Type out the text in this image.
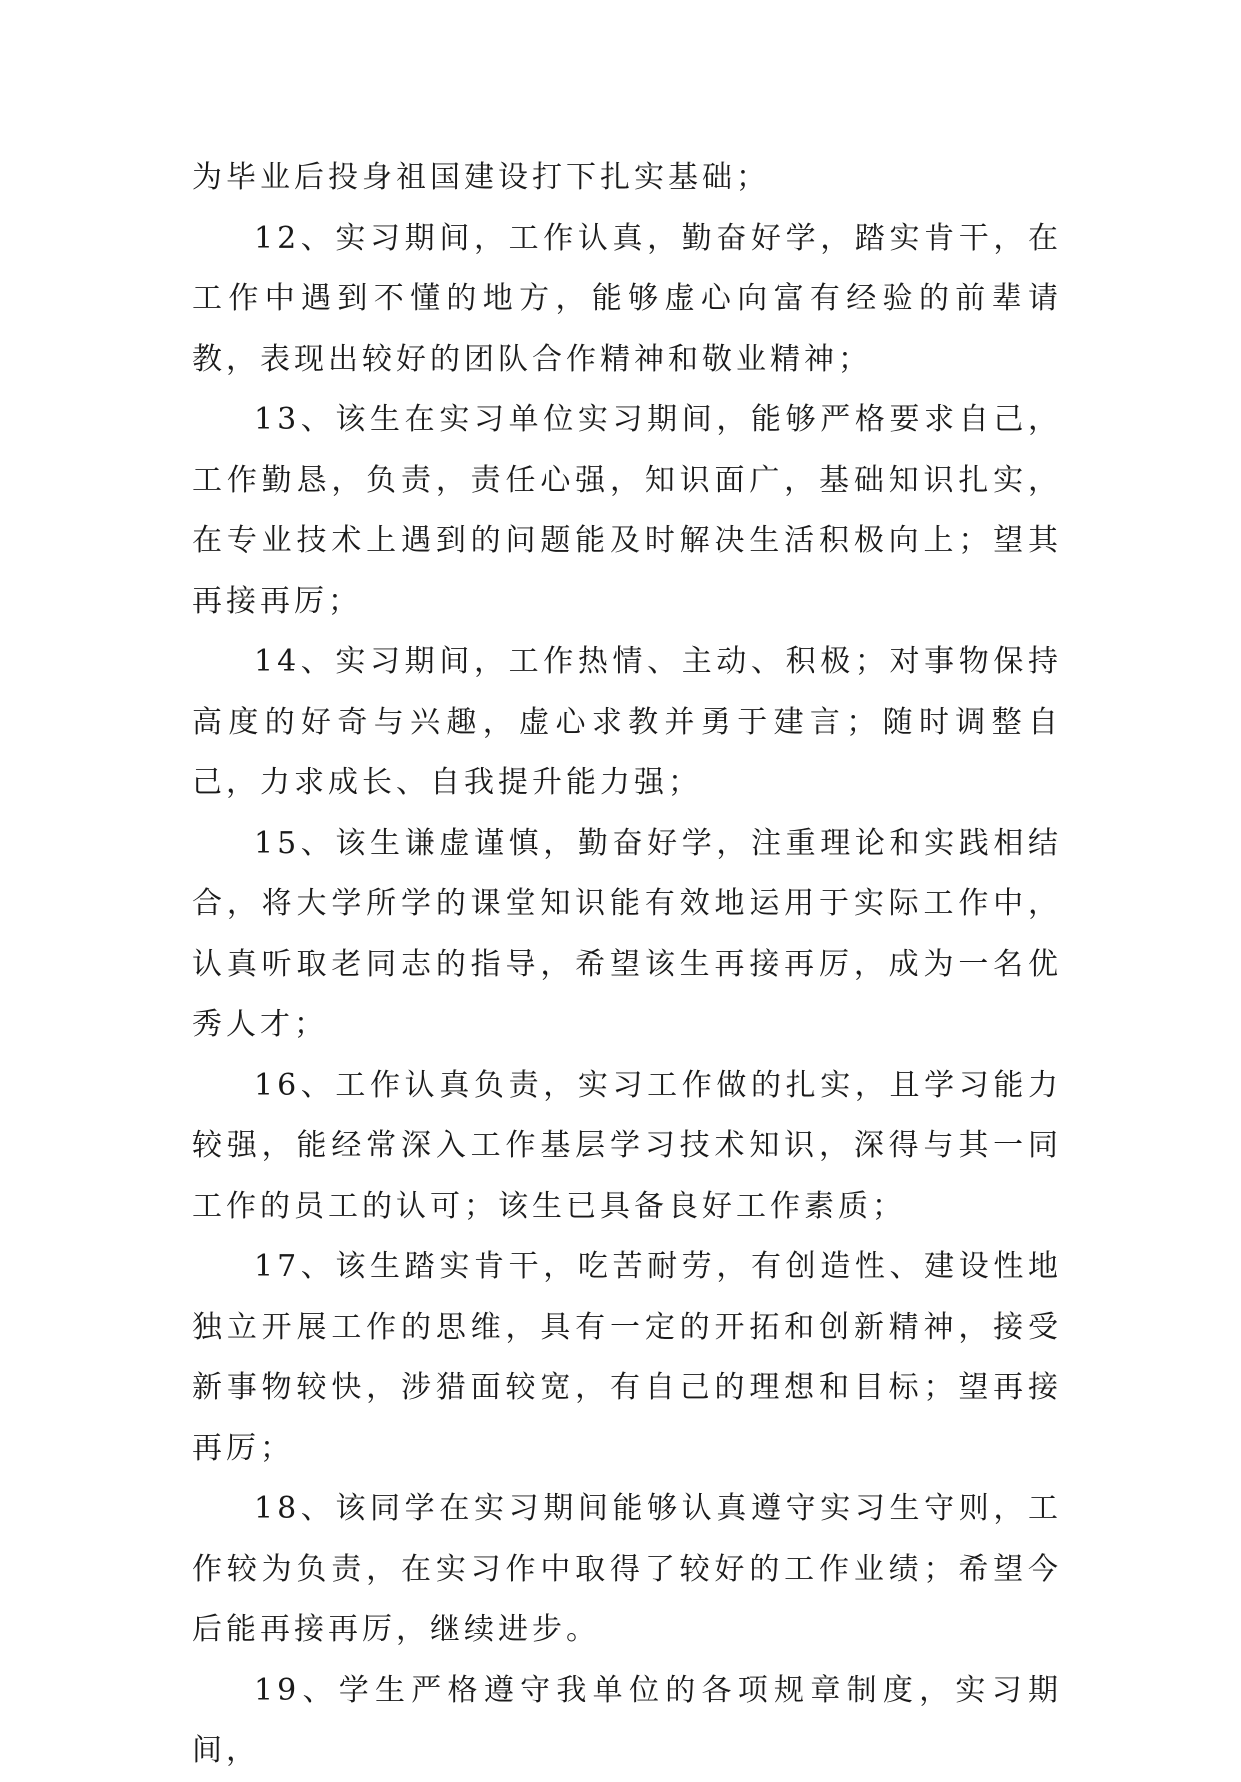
为毕业后投身祖国建设打下扎实基础；

12、实习期间，工作认真，勤奋好学，踏实肯干，在工作中遇到不懂的地方，能够虚心向富有经验的前辈请教，表现出较好的团队合作精神和敬业精神；

13、该生在实习单位实习期间，能够严格要求自己，工作勤恳，负责，责任心强，知识面广，基础知识扎实，在专业技术上遇到的问题能及时解决生活积极向上；望其再接再厉；

14、实习期间，工作热情、主动、积极；对事物保持高度的好奇与兴趣，虚心求教并勇于建言；随时调整自己，力求成长、自我提升能力强；

15、该生谦虚谨慎，勤奋好学，注重理论和实践相结合，将大学所学的课堂知识能有效地运用于实际工作中，认真听取老同志的指导，希望该生再接再厉，成为一名优秀人才；

16、工作认真负责，实习工作做的扎实，且学习能力较强，能经常深入工作基层学习技术知识，深得与其一同工作的员工的认可；该生已具备良好工作素质；

17、该生踏实肯干，吃苦耐劳，有创造性、建设性地独立开展工作的思维，具有一定的开拓和创新精神，接受新事物较快，涉猎面较宽，有自己的理想和目标；望再接再厉；

18、该同学在实习期间能够认真遵守实习生守则，工作较为负责，在实习作中取得了较好的工作业绩；希望今后能再接再厉，继续进步。

19、学生严格遵守我单位的各项规章制度，实习期间，
